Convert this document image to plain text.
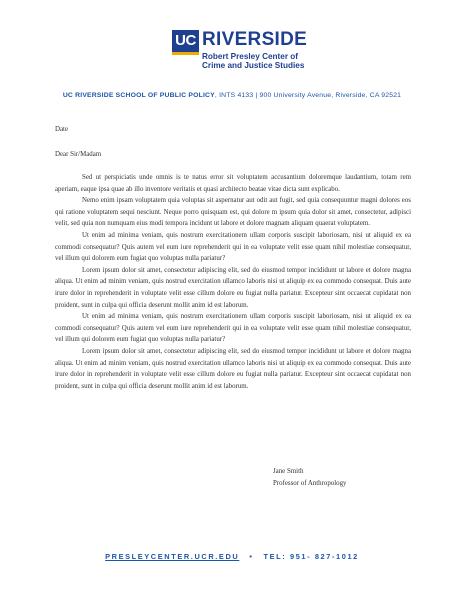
UC RIVERSIDE
Robert Presley Center of
Crime and Justice Studies
UC RIVERSIDE SCHOOL OF PUBLIC POLICY, INTS 4133 | 900 University Avenue, Riverside, CA 92521
Date
Dear Sir/Madam

Sed ut perspiciatis unde omnis is te natus error sit voluptatem accusantium doloremque laudantium, totam rem aperiam, eaque ipsa quae ab illo inventore veritatis et quasi architecto beatae vitae dicta sunt explicabo.

Nemo enim ipsam voluptatem quia voluptas sit aspernatur aut odit aut fugit, sed quia consequuntur magni dolores eos qui ratione voluptatem sequi nesciunt. Neque porro quisquam est, qui dolore m ipsum quia dolor sit amet, consectetur, adipisci velit, sed quia non numquam eius modi tempora incidunt ut labore et dolore magnam aliquam quaerat voluptatem.

Ut enim ad minima veniam, quis nostrum exercitationem ullam corporis suscipit laboriosam, nisi ut aliquid ex ea commodi consequatur? Quis autem vel eum iure reprehenderit qui in ea voluptate velit esse quam nihil molestiae consequatur, vel illum qui dolorem eum fugiat quo voluptas nulla pariatur?

Lorem ipsum dolor sit amet, consectetur adipiscing elit, sed do eiusmod tempor incididunt ut labore et dolore magna aliqua. Ut enim ad minim veniam, quis nostrud exercitation ullamco laboris nisi ut aliquip ex ea commodo consequat. Duis aute irure dolor in reprehenderit in voluptate velit esse cillum dolore eu fugiat nulla pariatur. Excepteur sint occaecat cupidatat non proident, sunt in culpa qui officia deserunt mollit anim id est laborum.

Ut enim ad minima veniam, quis nostrum exercitationem ullam corporis suscipit laboriosam, nisi ut aliquid ex ea commodi consequatur? Quis autem vel eum iure reprehenderit qui in ea voluptate velit esse quam nihil molestiae consequatur, vel illum qui dolorem eum fugiat quo voluptas nulla pariatur?

Lorem ipsum dolor sit amet, consectetur adipiscing elit, sed do eiusmod tempor incididunt ut labore et dolore magna aliqua. Ut enim ad minim veniam, quis nostrud exercitation ullamco laboris nisi ut aliquip ex ea commodo consequat. Duis aute irure dolor in reprehenderit in voluptate velit esse cillum dolore eu fugiat nulla pariatur. Excepteur sint occaecat cupidatat non proident, sunt in culpa qui officia deserunt mollit anim id est laborum.

Jane Smith
Professor of Anthropology
PRESLEYCENTER.UCR.EDU • TEL: 951- 827-1012
